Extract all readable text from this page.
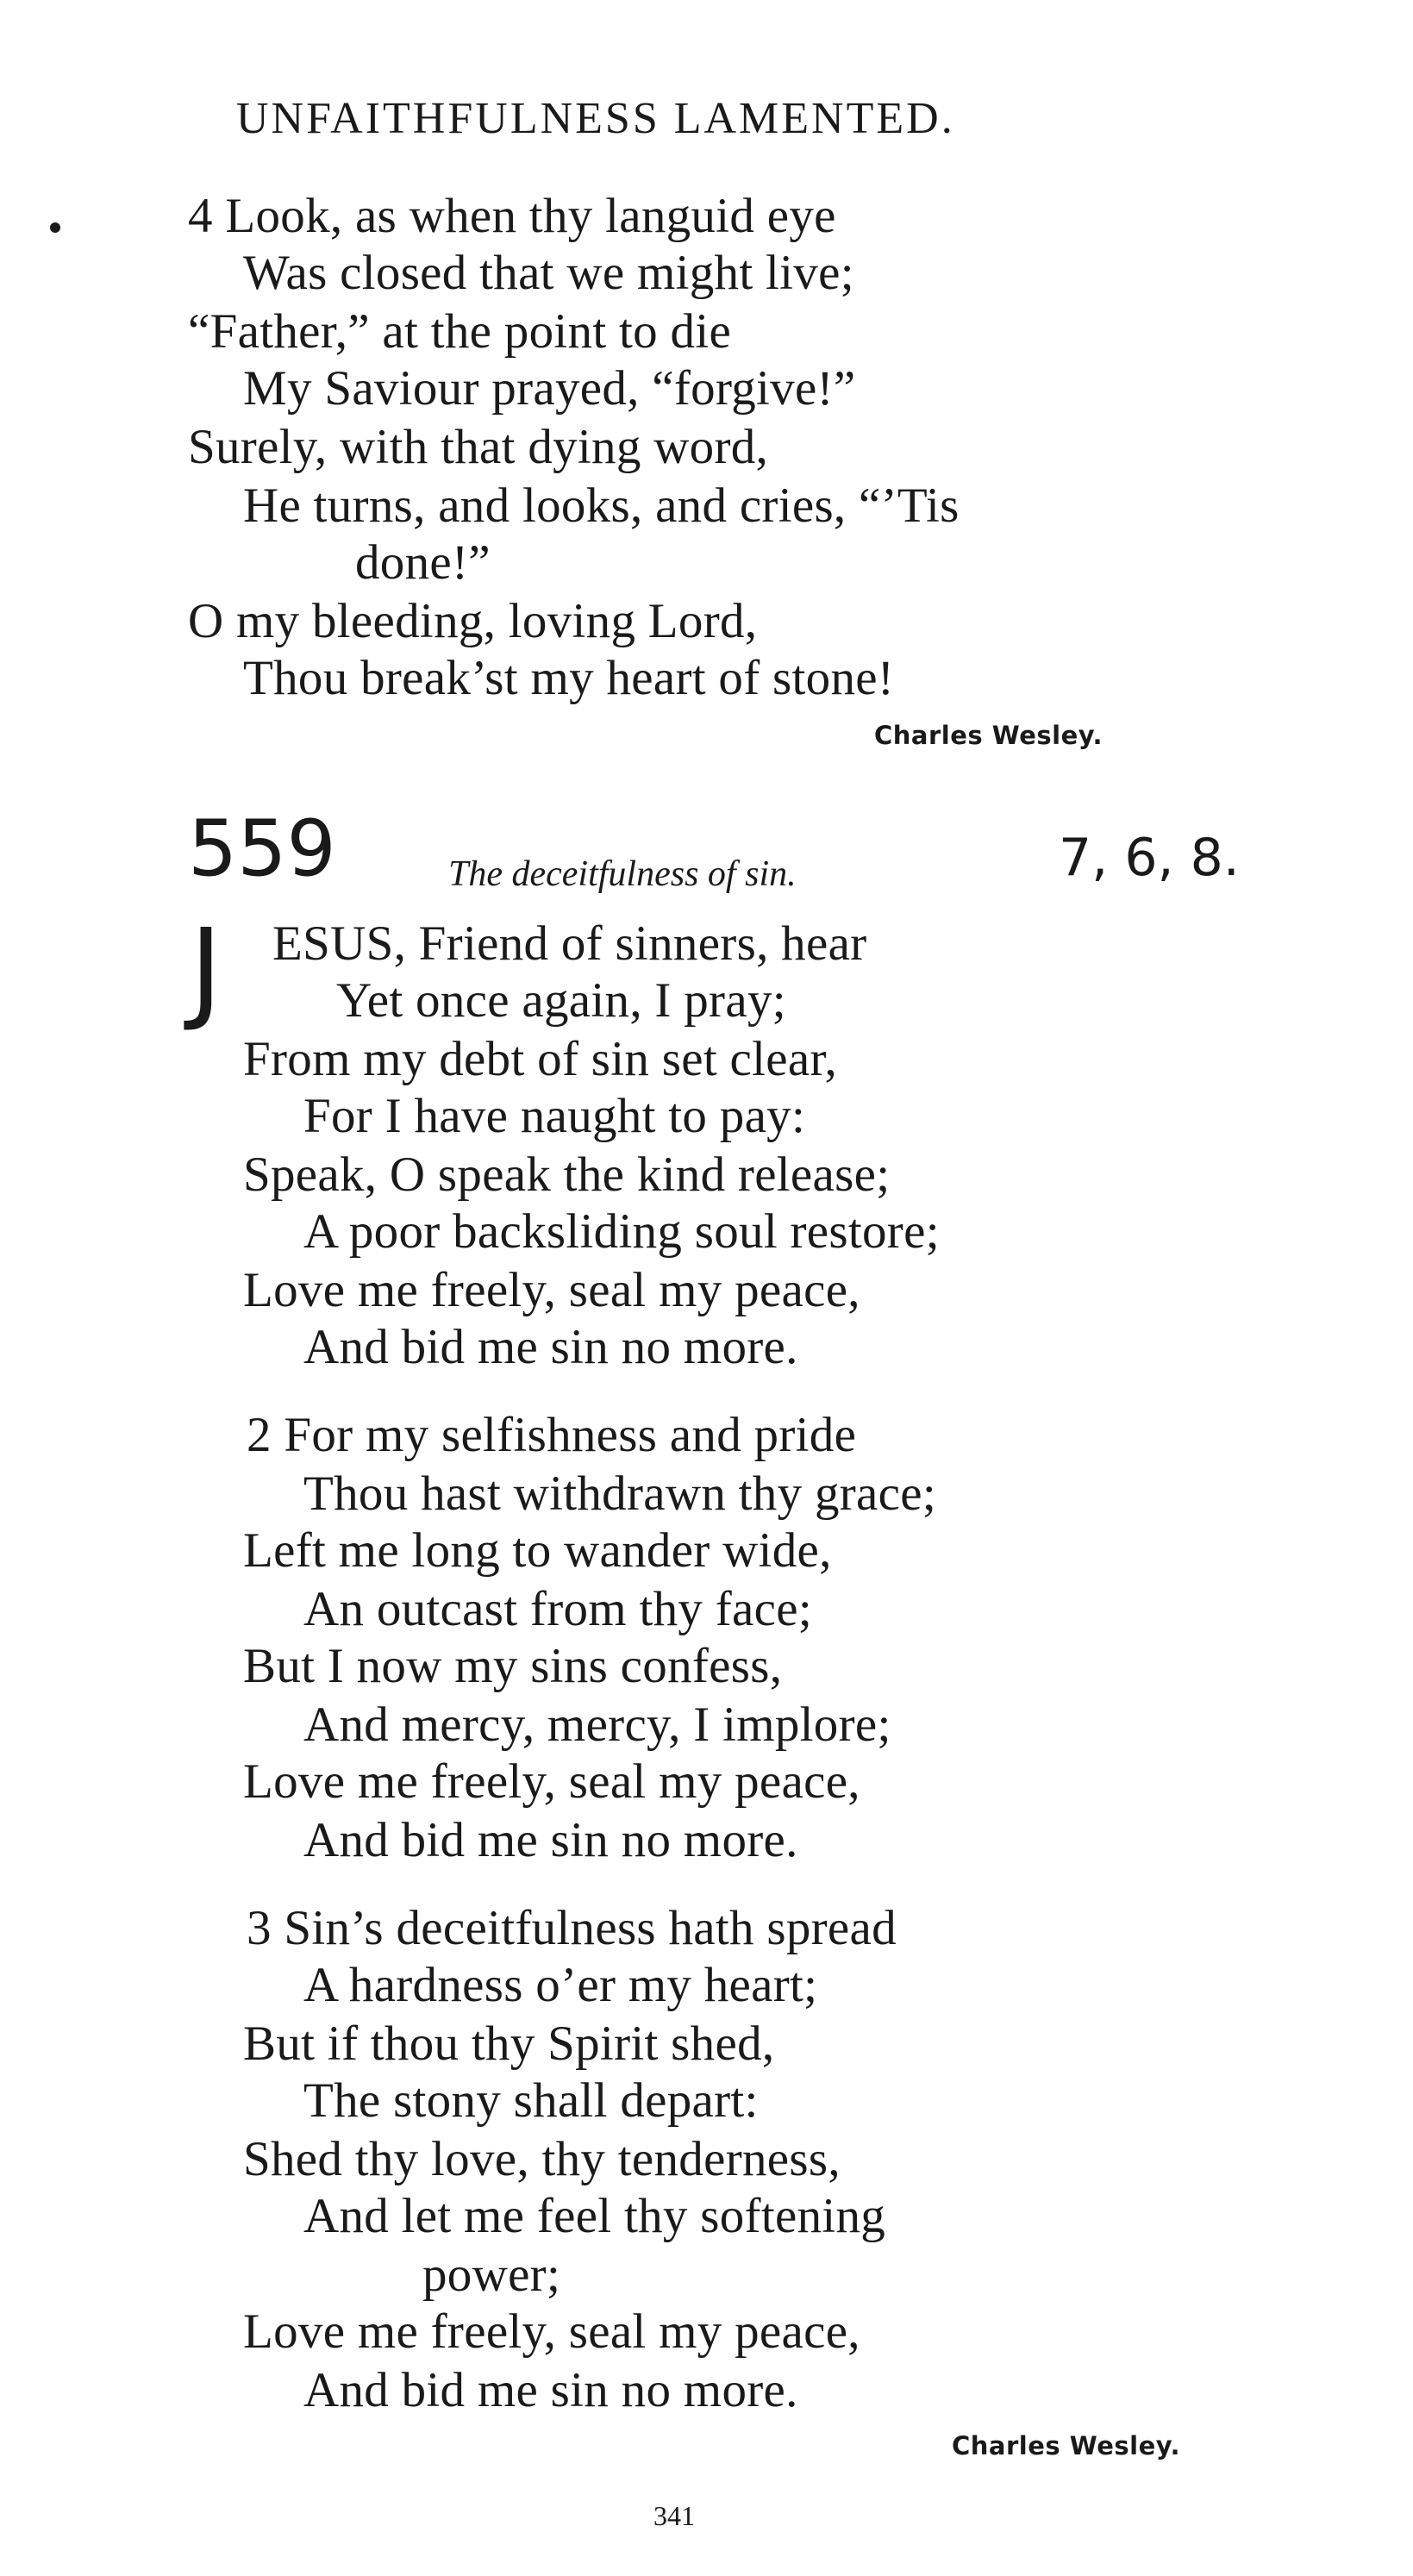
UNFAITHFULNESS LAMENTED.
4 Look, as when thy languid eye
Was closed that we might live;
“Father,” at the point to die
My Saviour prayed, “forgive!”
Surely, with that dying word,
He turns, and looks, and cries, “’Tis
done!”
O my bleeding, loving Lord,
Thou break’st my heart of stone!
Charles Wesley.
559	The deceitfulness of sin.	7, 6, 8.
J ESUS, Friend of sinners, hear
Yet once again, I pray;
From my debt of sin set clear,
For I have naught to pay:
Speak, O speak the kind release;
A poor backsliding soul restore;
Love me freely, seal my peace,
And bid me sin no more.
2 For my selfishness and pride
Thou hast withdrawn thy grace;
Left me long to wander wide,
An outcast from thy face;
But I now my sins confess,
And mercy, mercy, I implore;
Love me freely, seal my peace,
And bid me sin no more.
3 Sin’s deceitfulness hath spread
A hardness o’er my heart;
But if thou thy Spirit shed,
The stony shall depart:
Shed thy love, thy tenderness,
And let me feel thy softening
power;
Love me freely, seal my peace,
And bid me sin no more.
Charles Wesley.
341
